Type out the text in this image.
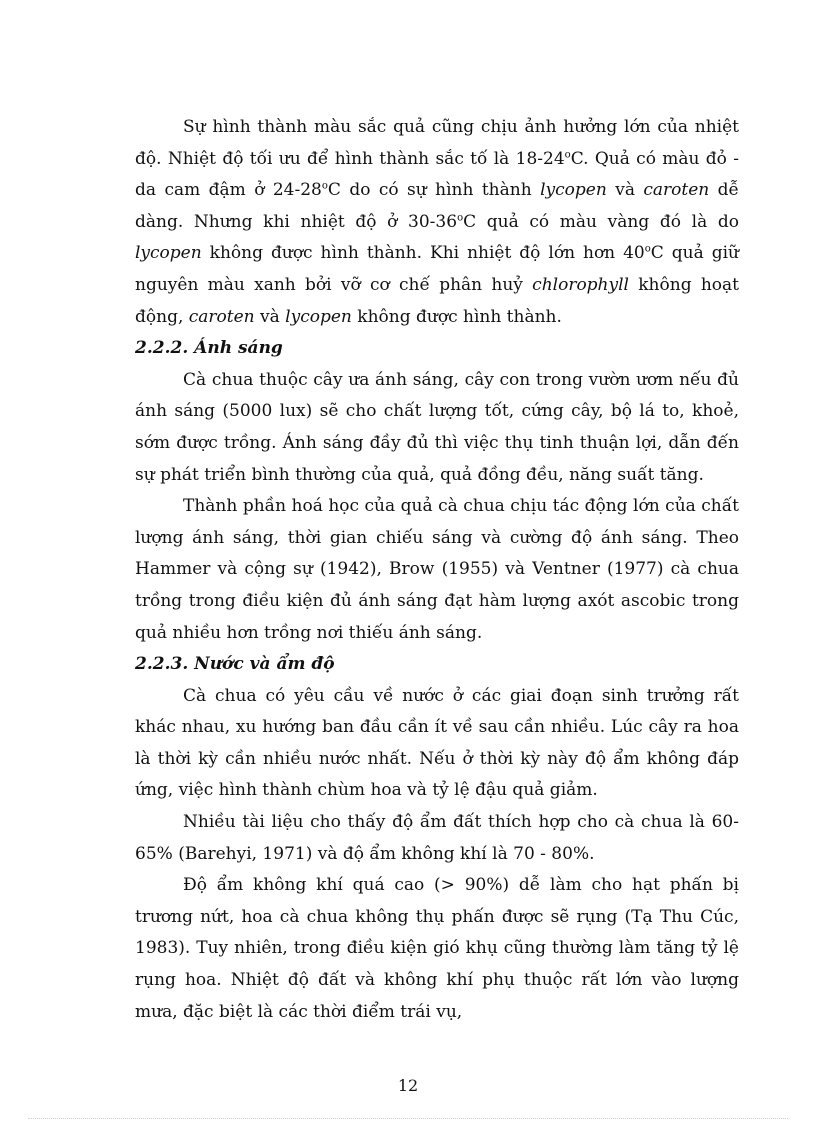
Sự hình thành màu sắc quả cũng chịu ảnh hưởng lớn của nhiệt độ. Nhiệt độ tối ưu để hình thành sắc tố là 18-24$^o$C. Quả có màu đỏ - da cam đậm ở 24-28$^o$C do có sự hình thành lycopen và caroten dễ dàng. Nhưng khi nhiệt độ ở 30-36$^o$C quả có màu vàng đó là do lycopen không được hình thành. Khi nhiệt độ lớn hơn 40$^o$C quả giữ nguyên màu xanh bởi vỡ cơ chế phân huỷ chlorophyll không hoạt động, caroten và lycopen không được hình thành.

2.2.2. Ánh sáng

Cà chua thuộc cây ưa ánh sáng, cây con trong vườn ươm nếu đủ ánh sáng (5000 lux) sẽ cho chất lượng tốt, cứng cây, bộ lá to, khoẻ, sớm được trồng. Ánh sáng đầy đủ thì việc thụ tinh thuận lợi, dẫn đến sự phát triển bình thường của quả, quả đồng đều, năng suất tăng.

Thành phần hoá học của quả cà chua chịu tác động lớn của chất lượng ánh sáng, thời gian chiếu sáng và cường độ ánh sáng. Theo Hammer và cộng sự (1942), Brow (1955) và Ventner (1977) cà chua trồng trong điều kiện đủ ánh sáng đạt hàm lượng axót ascobic trong quả nhiều hơn trồng nơi thiếu ánh sáng.

2.2.3. Nước và ẩm độ

Cà chua có yêu cầu về nước ở các giai đoạn sinh trưởng rất khác nhau, xu hướng ban đầu cần ít về sau cần nhiều. Lúc cây ra hoa là thời kỳ cần nhiều nước nhất. Nếu ở thời kỳ này độ ẩm không đáp ứng, việc hình thành chùm hoa và tỷ lệ đậu quả giảm.

Nhiều tài liệu cho thấy độ ẩm đất thích hợp cho cà chua là 60-65% (Barehyi, 1971) và độ ẩm không khí là 70 - 80%.

Độ ẩm không khí quá cao (> 90%) dễ làm cho hạt phấn bị trương nứt, hoa cà chua không thụ phấn được sẽ rụng (Tạ Thu Cúc, 1983). Tuy nhiên, trong điều kiện gió khụ cũng thường làm tăng tỷ lệ rụng hoa. Nhiệt độ đất và không khí phụ thuộc rất lớn vào lượng mưa, đặc biệt là các thời điểm trái vụ,

12
